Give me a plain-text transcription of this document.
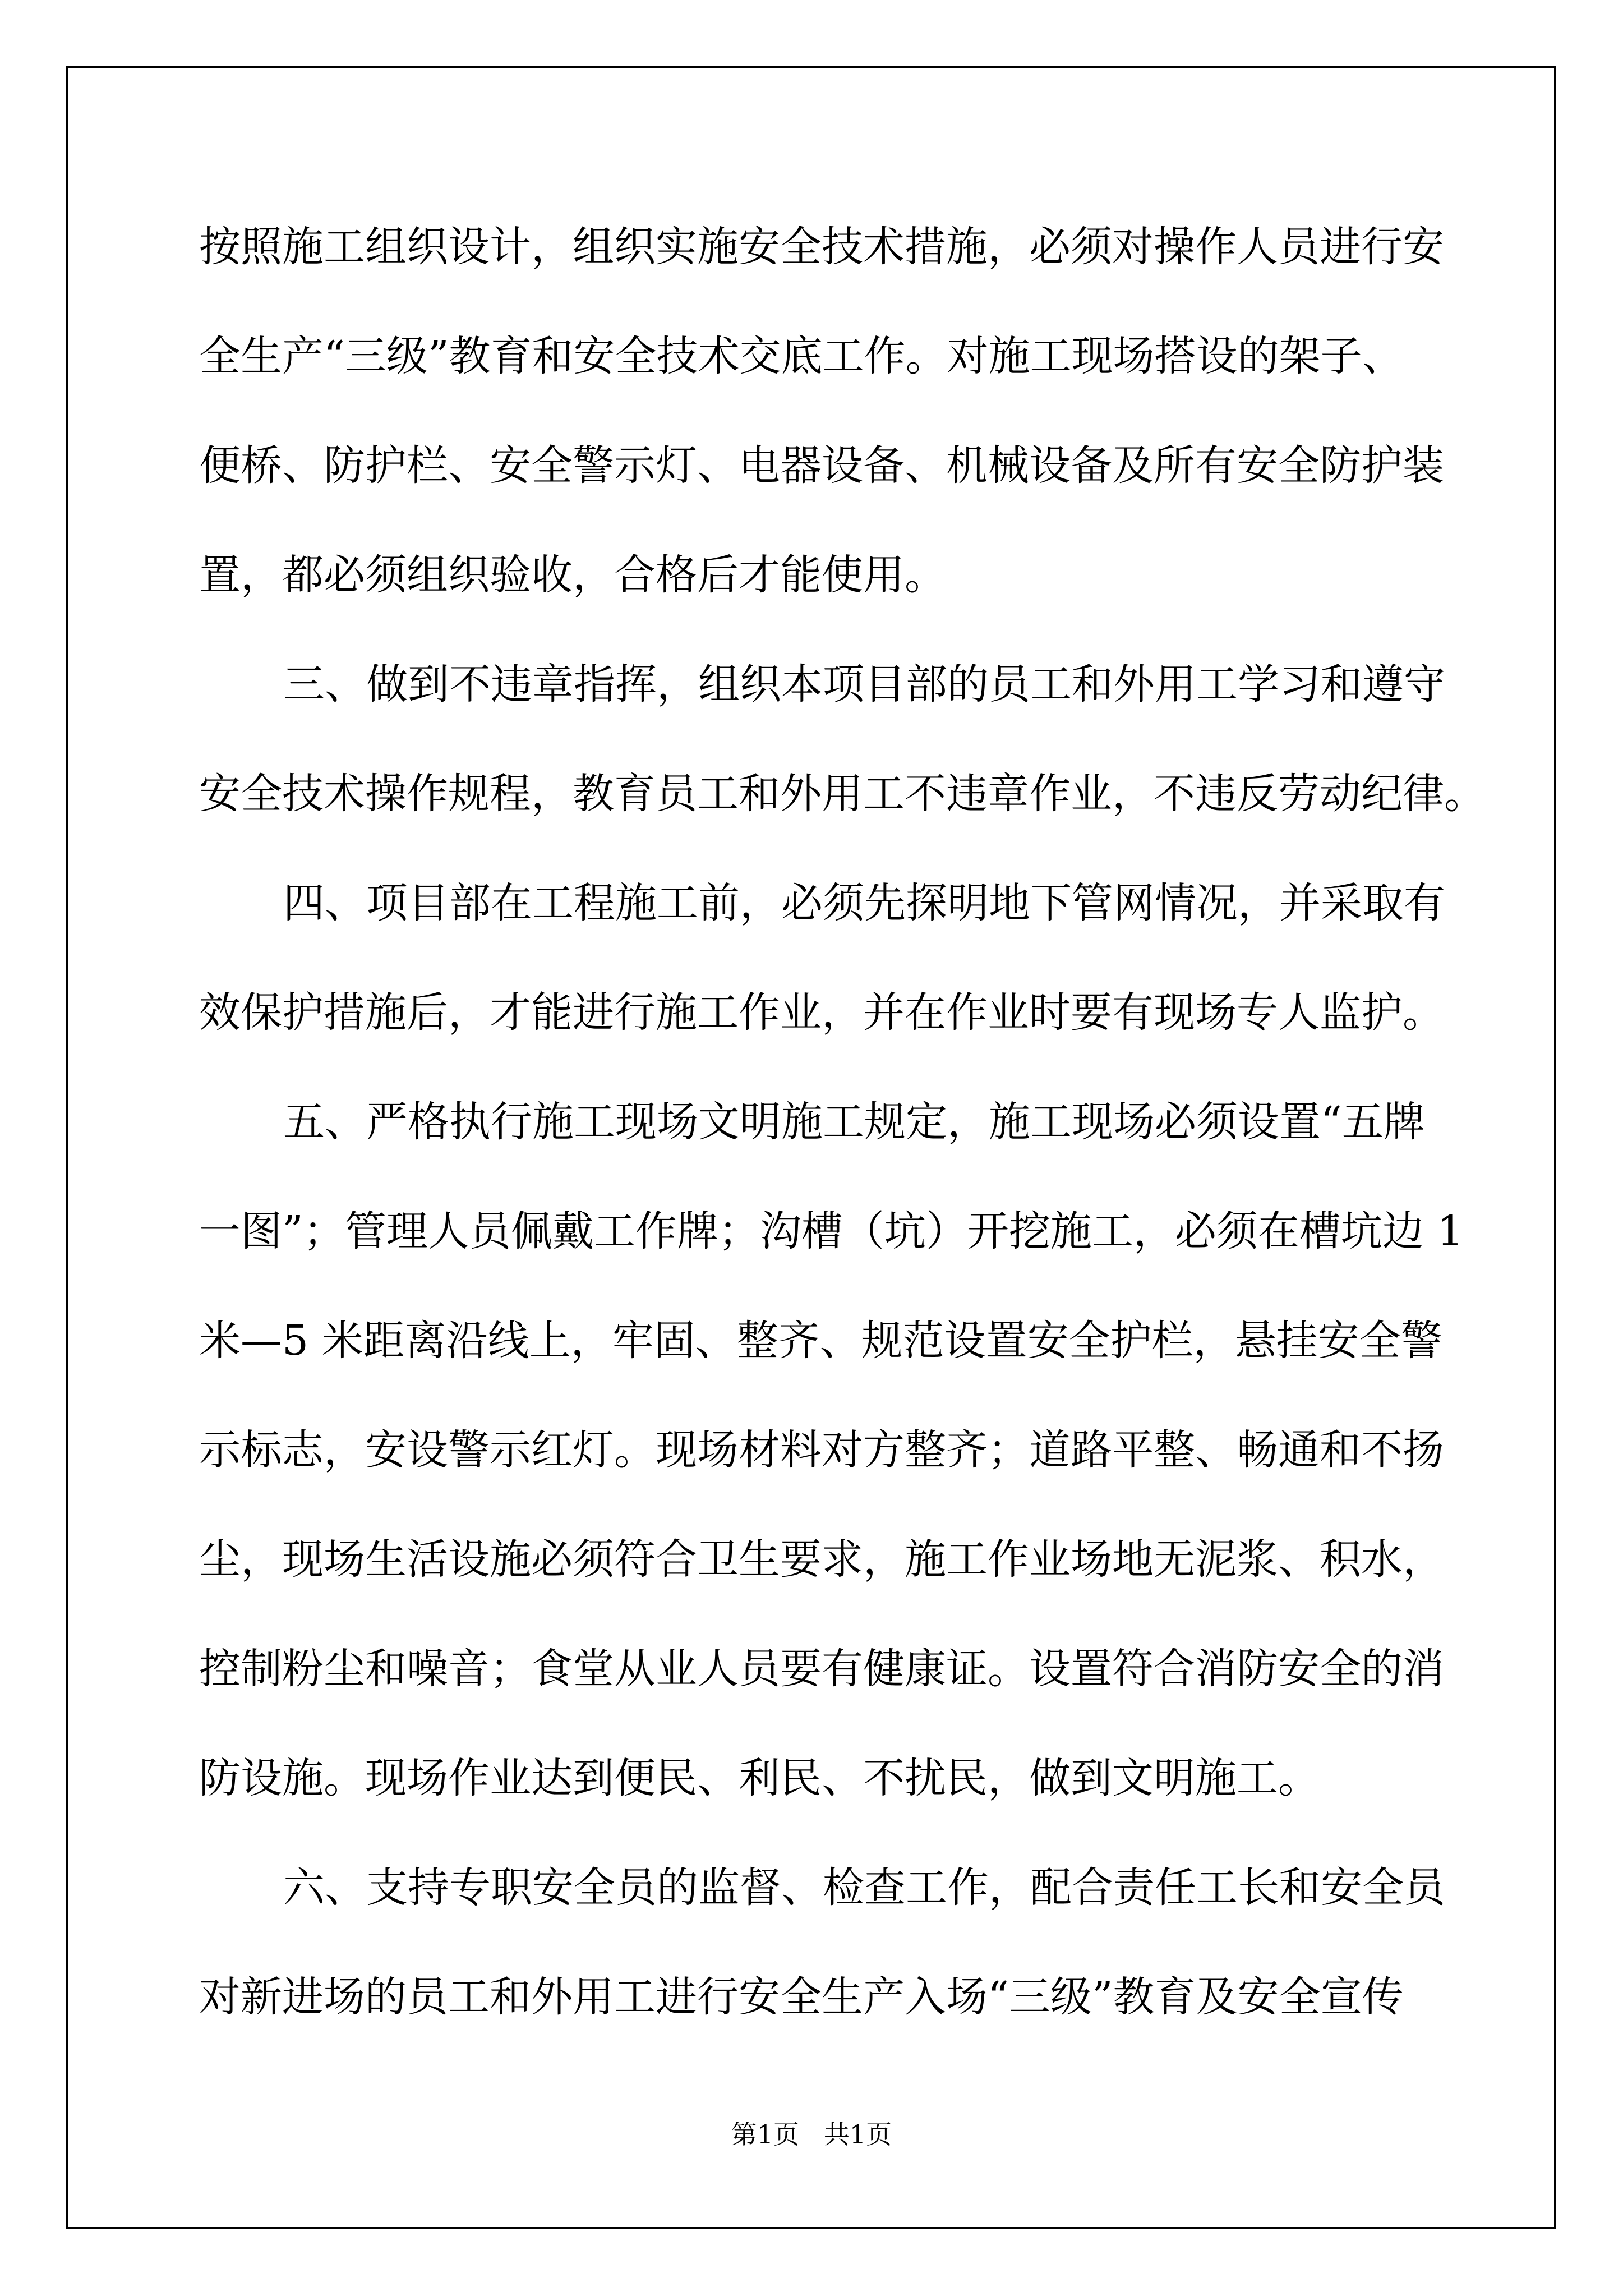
按照施工组织设计，组织实施安全技术措施，必须对操作人员进行安
全生产“三级”教育和安全技术交底工作。对施工现场搭设的架子、
便桥、防护栏、安全警示灯、电器设备、机械设备及所有安全防护装
置，都必须组织验收，合格后才能使用。
三、做到不违章指挥，组织本项目部的员工和外用工学习和遵守
安全技术操作规程，教育员工和外用工不违章作业，不违反劳动纪律。
四、项目部在工程施工前，必须先探明地下管网情况，并采取有
效保护措施后，才能进行施工作业，并在作业时要有现场专人监护。
五、严格执行施工现场文明施工规定，施工现场必须设置“五牌
一图”；管理人员佩戴工作牌；沟槽（坑）开挖施工，必须在槽坑边 1
米—5 米距离沿线上，牢固、整齐、规范设置安全护栏，悬挂安全警
示标志，安设警示红灯。现场材料对方整齐；道路平整、畅通和不扬
尘，现场生活设施必须符合卫生要求，施工作业场地无泥浆、积水，
控制粉尘和噪音；食堂从业人员要有健康证。设置符合消防安全的消
防设施。现场作业达到便民、利民、不扰民，做到文明施工。
六、支持专职安全员的监督、检查工作，配合责任工长和安全员
对新进场的员工和外用工进行安全生产入场“三级”教育及安全宣传
第1页   共1页
